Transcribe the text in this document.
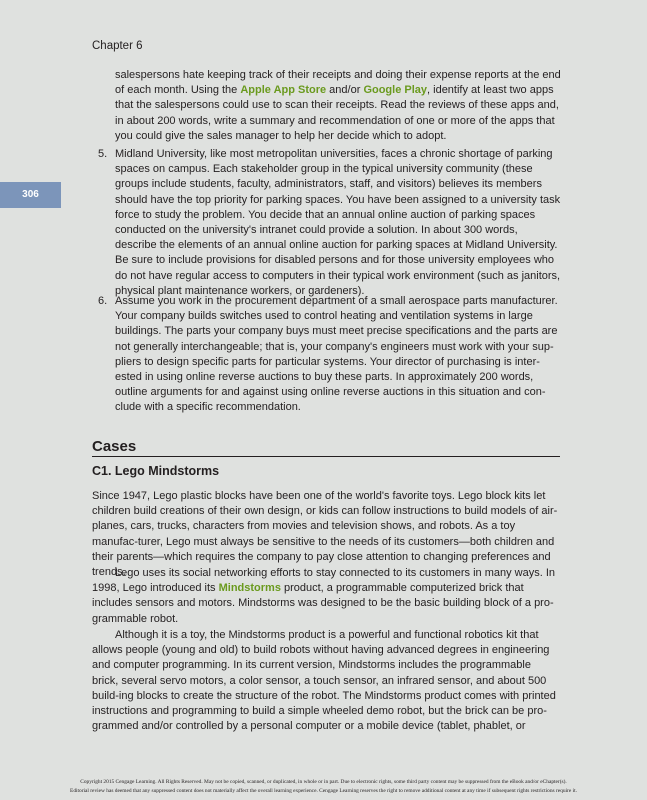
Chapter 6
306
salespersons hate keeping track of their receipts and doing their expense reports at the end of each month. Using the Apple App Store and/or Google Play, identify at least two apps that the salespersons could use to scan their receipts. Read the reviews of these apps and, in about 200 words, write a summary and recommendation of one or more of the apps that you could give the sales manager to help her decide which to adopt.
5. Midland University, like most metropolitan universities, faces a chronic shortage of parking spaces on campus. Each stakeholder group in the typical university community (these groups include students, faculty, administrators, staff, and visitors) believes its members should have the top priority for parking spaces. You have been assigned to a university task force to study the problem. You decide that an annual online auction of parking spaces conducted on the university's intranet could provide a solution. In about 300 words, describe the elements of an annual online auction for parking spaces at Midland University. Be sure to include provisions for disabled persons and for those university employees who do not have regular access to computers in their typical work environment (such as janitors, physical plant maintenance workers, or gardeners).
6. Assume you work in the procurement department of a small aerospace parts manufacturer. Your company builds switches used to control heating and ventilation systems in large buildings. The parts your company buys must meet precise specifications and the parts are not generally interchangeable; that is, your company's engineers must work with your sup-pliers to design specific parts for particular systems. Your director of purchasing is inter-ested in using online reverse auctions to buy these parts. In approximately 200 words, outline arguments for and against using online reverse auctions in this situation and con-clude with a specific recommendation.
Cases
C1. Lego Mindstorms
Since 1947, Lego plastic blocks have been one of the world's favorite toys. Lego block kits let children build creations of their own design, or kids can follow instructions to build models of air-planes, cars, trucks, characters from movies and television shows, and robots. As a toy manufac-turer, Lego must always be sensitive to the needs of its customers—both children and their parents—which requires the company to pay close attention to changing preferences and trends.
Lego uses its social networking efforts to stay connected to its customers in many ways. In 1998, Lego introduced its Mindstorms product, a programmable computerized brick that includes sensors and motors. Mindstorms was designed to be the basic building block of a pro-grammable robot.
Although it is a toy, the Mindstorms product is a powerful and functional robotics kit that allows people (young and old) to build robots without having advanced degrees in engineering and computer programming. In its current version, Mindstorms includes the programmable brick, several servo motors, a color sensor, a touch sensor, an infrared sensor, and about 500 build-ing blocks to create the structure of the robot. The Mindstorms product comes with printed instructions and programming to build a simple wheeled demo robot, but the brick can be pro-grammed and/or controlled by a personal computer or a mobile device (tablet, phablet, or
Copyright 2015 Cengage Learning. All Rights Reserved. May not be copied, scanned, or duplicated, in whole or in part. Due to electronic rights, some third party content may be suppressed from the eBook and/or eChapter(s).
Editorial review has deemed that any suppressed content does not materially affect the overall learning experience. Cengage Learning reserves the right to remove additional content at any time if subsequent rights restrictions require it.
